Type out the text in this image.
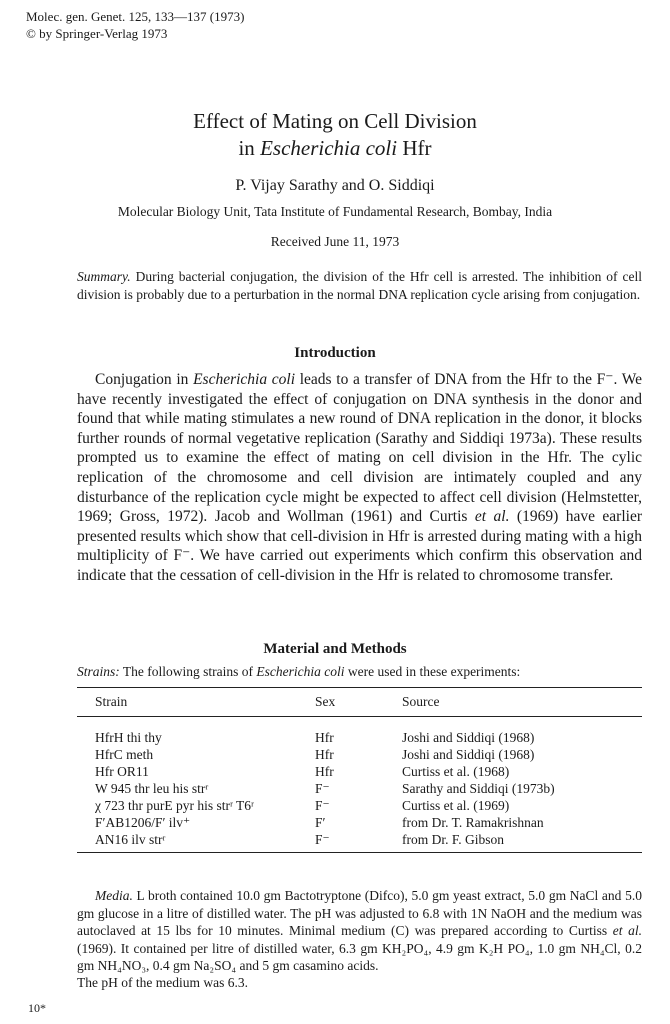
Molec. gen. Genet. 125, 133—137 (1973)
© by Springer-Verlag 1973
Effect of Mating on Cell Division
in Escherichia coli Hfr
P. Vijay Sarathy and O. Siddiqi
Molecular Biology Unit, Tata Institute of Fundamental Research, Bombay, India
Received June 11, 1973
Summary. During bacterial conjugation, the division of the Hfr cell is arrested. The inhibition of cell division is probably due to a perturbation in the normal DNA replication cycle arising from conjugation.
Introduction
Conjugation in Escherichia coli leads to a transfer of DNA from the Hfr to the F⁻. We have recently investigated the effect of conjugation on DNA synthesis in the donor and found that while mating stimulates a new round of DNA replication in the donor, it blocks further rounds of normal vegetative replication (Sarathy and Siddiqi 1973a). These results prompted us to examine the effect of mating on cell division in the Hfr. The cylic replication of the chromosome and cell division are intimately coupled and any disturbance of the replication cycle might be expected to affect cell division (Helmstetter, 1969; Gross, 1972). Jacob and Wollman (1961) and Curtis et al. (1969) have earlier presented results which show that cell-division in Hfr is arrested during mating with a high multiplicity of F⁻. We have carried out experiments which confirm this observation and indicate that the cessation of cell-division in the Hfr is related to chromosome transfer.
Material and Methods
Strains: The following strains of Escherichia coli were used in these experiments:
Strain	Sex	Source
HfrH thi thy	Hfr	Joshi and Siddiqi (1968)
HfrC meth	Hfr	Joshi and Siddiqi (1968)
Hfr OR11	Hfr	Curtiss et al. (1968)
W 945 thr leu his strʳ	F⁻	Sarathy and Siddiqi (1973b)
χ 723 thr purE pyr his strʳ T6ʳ	F⁻	Curtiss et al. (1969)
F′AB1206/F′ ilv⁺	F′	from Dr. T. Ramakrishnan
AN16 ilv strʳ	F⁻	from Dr. F. Gibson
Media. L broth contained 10.0 gm Bactotryptone (Difco), 5.0 gm yeast extract, 5.0 gm NaCl and 5.0 gm glucose in a litre of distilled water. The pH was adjusted to 6.8 with 1N NaOH and the medium was autoclaved at 15 lbs for 10 minutes. Minimal medium (C) was prepared according to Curtiss et al. (1969). It contained per litre of distilled water, 6.3 gm KH₂PO₄, 4.9 gm K₂H PO₄, 1.0 gm NH₄Cl, 0.2 gm NH₄NO₃, 0.4 gm Na₂SO₄ and 5 gm casamino acids.
The pH of the medium was 6.3.
10*
